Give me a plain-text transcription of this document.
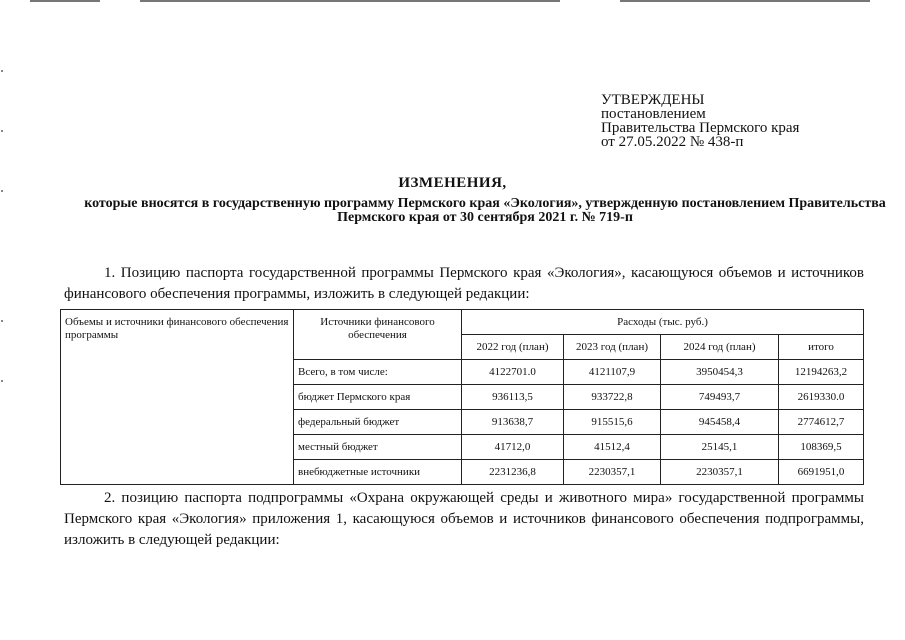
УТВЕРЖДЕНЫ
постановлением
Правительства Пермского края
от 27.05.2022 № 438-п
ИЗМЕНЕНИЯ,
которые вносятся в государственную программу Пермского края «Экология», утвержденную постановлением Правительства Пермского края от 30 сентября 2021 г. № 719-п
1. Позицию паспорта государственной программы Пермского края «Экология», касающуюся объемов и источников финансового обеспечения программы, изложить в следующей редакции:
Объемы и источники финансового обеспечения программы	Источники финансового обеспечения	Расходы (тыс. руб.)			
		2022 год (план)	2023 год (план)	2024 год (план)	итого
	Всего, в том числе:	4122701.0	4121107,9	3950454,3	12194263,2
	бюджет Пермского края	936113,5	933722,8	749493,7	2619330.0
	федеральный бюджет	913638,7	915515,6	945458,4	2774612,7
	местный бюджет	41712,0	41512,4	25145,1	108369,5
	внебюджетные источники	2231236,8	2230357,1	2230357,1	6691951,0
2. позицию паспорта подпрограммы «Охрана окружающей среды и животного мира» государственной программы Пермского края «Экология» приложения 1, касающуюся объемов и источников финансового обеспечения подпрограммы, изложить в следующей редакции:
